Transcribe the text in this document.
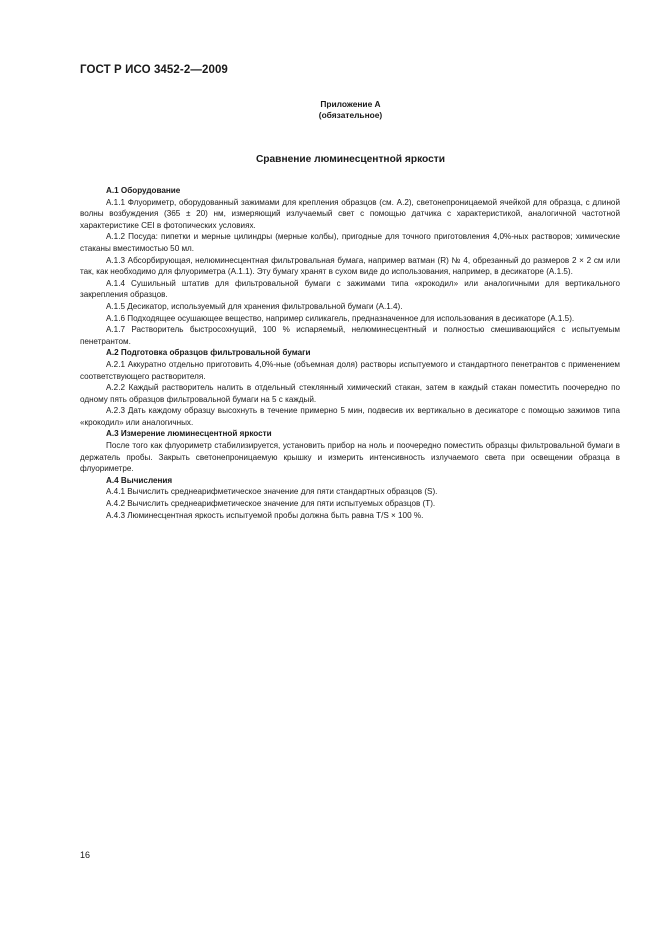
ГОСТ Р ИСО 3452-2—2009
Приложение А
(обязательное)
Сравнение люминесцентной яркости

А.1 Оборудование

А.1.1 Флуориметр, оборудованный зажимами для крепления образцов (см. А.2), светонепроницаемой ячейкой для образца, с длиной волны возбуждения (365 ± 20) нм, измеряющий излучаемый свет с помощью датчика с характеристикой, аналогичной частотной характеристике CEI в фотопических условиях.

А.1.2 Посуда: пипетки и мерные цилиндры (мерные колбы), пригодные для точного приготовления 4,0%-ных растворов; химические стаканы вместимостью 50 мл.

А.1.3 Абсорбирующая, нелюминесцентная фильтровальная бумага, например ватман (R) № 4, обрезанный до размеров 2 × 2 см или так, как необходимо для флуориметра (А.1.1). Эту бумагу хранят в сухом виде до использования, например, в десикаторе (А.1.5).

А.1.4 Сушильный штатив для фильтровальной бумаги с зажимами типа «крокодил» или аналогичными для вертикального закрепления образцов.

А.1.5 Десикатор, используемый для хранения фильтровальной бумаги (А.1.4).

А.1.6 Подходящее осушающее вещество, например силикагель, предназначенное для использования в десикаторе (А.1.5).

А.1.7 Растворитель быстросохнущий, 100 % испаряемый, нелюминесцентный и полностью смешивающийся с испытуемым пенетрантом.

А.2 Подготовка образцов фильтровальной бумаги

А.2.1 Аккуратно отдельно приготовить 4,0%-ные (объемная доля) растворы испытуемого и стандартного пенетрантов с применением соответствующего растворителя.

А.2.2 Каждый растворитель налить в отдельный стеклянный химический стакан, затем в каждый стакан поместить поочередно по одному пять образцов фильтровальной бумаги на 5 с каждый.

А.2.3 Дать каждому образцу высохнуть в течение примерно 5 мин, подвесив их вертикально в десикаторе с помощью зажимов типа «крокодил» или аналогичных.

А.3 Измерение люминесцентной яркости

После того как флуориметр стабилизируется, установить прибор на ноль и поочередно поместить образцы фильтровальной бумаги в держатель пробы. Закрыть светонепроницаемую крышку и измерить интенсивность излучаемого света при освещении образца в флуориметре.

А.4 Вычисления

А.4.1 Вычислить среднеарифметическое значение для пяти стандартных образцов (S).

А.4.2 Вычислить среднеарифметическое значение для пяти испытуемых образцов (Т).

А.4.3 Люминесцентная яркость испытуемой пробы должна быть равна T/S × 100 %.

16
